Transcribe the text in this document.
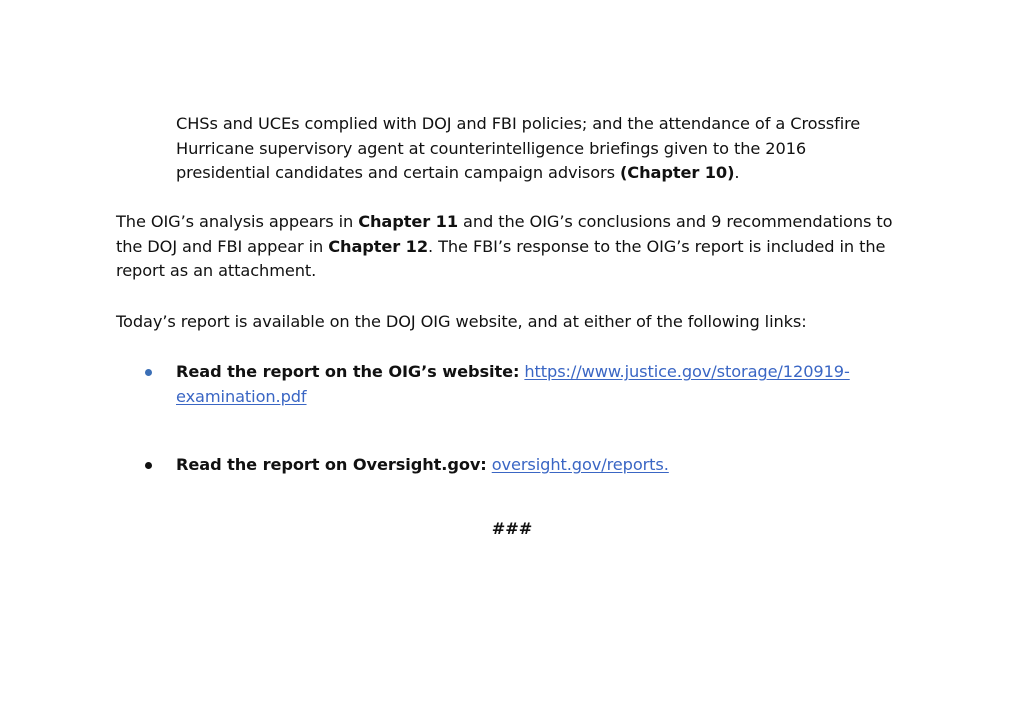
CHSs and UCEs complied with DOJ and FBI policies; and the attendance of a Crossfire Hurricane supervisory agent at counterintelligence briefings given to the 2016 presidential candidates and certain campaign advisors (Chapter 10).
The OIG’s analysis appears in Chapter 11 and the OIG’s conclusions and 9 recommendations to the DOJ and FBI appear in Chapter 12. The FBI’s response to the OIG’s report is included in the report as an attachment.
Today’s report is available on the DOJ OIG website, and at either of the following links:
Read the report on the OIG’s website: https://www.justice.gov/storage/120919-
examination.pdf
Read the report on Oversight.gov: oversight.gov/reports.
###
